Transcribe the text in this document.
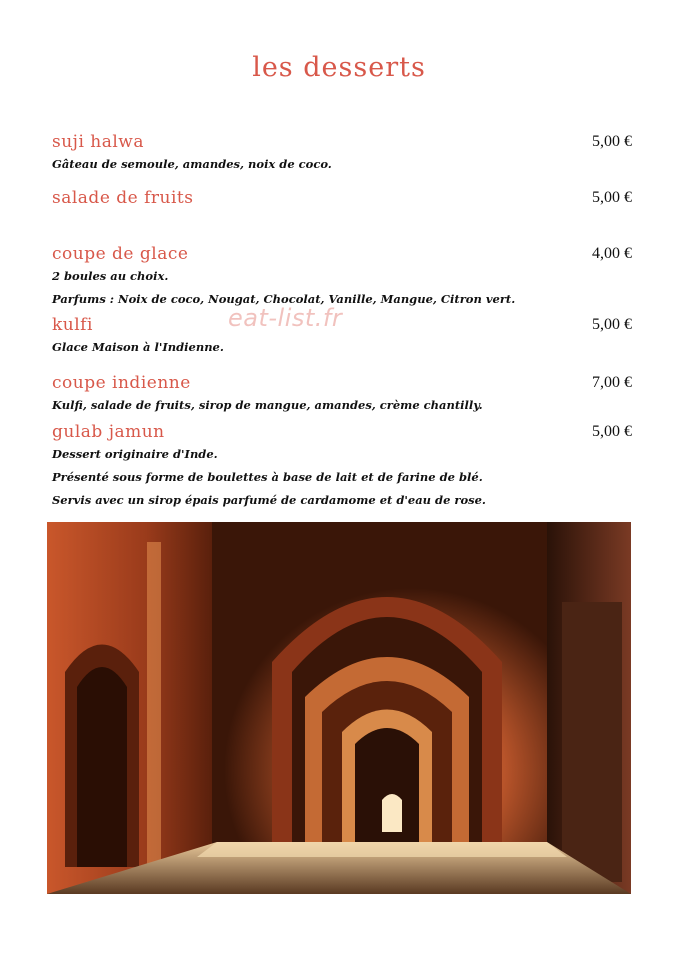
les desserts
suji halwa	5,00 €
Gâteau de semoule, amandes, noix de coco.
salade de fruits	5,00 €
coupe de glace	4,00 €
2 boules au choix.
Parfums : Noix de coco, Nougat, Chocolat, Vanille, Mangue, Citron vert.
kulfi	5,00 €
Glace Maison à l'Indienne.
coupe indienne	7,00 €
Kulfi, salade de fruits, sirop de mangue, amandes, crème chantilly.
gulab jamun	5,00 €
Dessert originaire d'Inde.
Présenté sous forme de boulettes à base de lait et de farine de blé.
Servis avec un sirop épais parfumé de cardamome et d'eau de rose.
eat-list.fr
